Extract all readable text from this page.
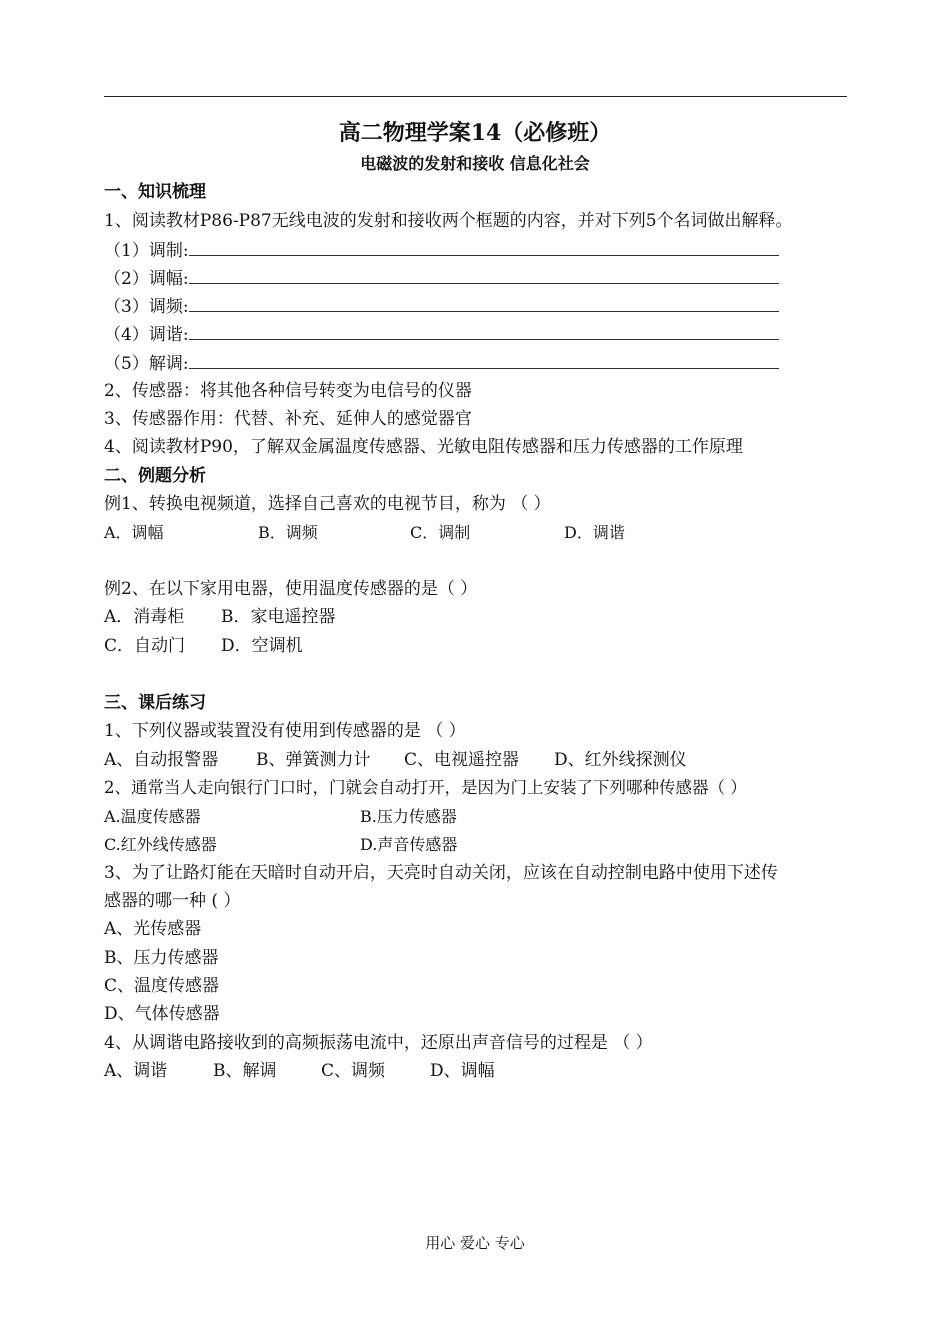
高二物理学案14（必修班）
电磁波的发射和接收 信息化社会
一、知识梳理
1、阅读教材P86-P87无线电波的发射和接收两个框题的内容，并对下列5个名词做出解释。
（1）调制:
（2）调幅:
（3）调频:
（4）调谐:
（5）解调:
2、传感器：将其他各种信号转变为电信号的仪器
3、传感器作用：代替、补充、延伸人的感觉器官
4、阅读教材P90，了解双金属温度传感器、光敏电阻传感器和压力传感器的工作原理
二、例题分析
例1、转换电视频道，选择自己喜欢的电视节目，称为 （ ）
A．调幅	B．调频	C．调制	D．调谐
例2、在以下家用电器，使用温度传感器的是（ ）
A．消毒柜 B．家电遥控器
C．自动门 D．空调机
三、课后练习
1、下列仪器或装置没有使用到传感器的是 （ ）
A、自动报警器 B、弹簧测力计 C、电视遥控器 D、红外线探测仪
2、通常当人走向银行门口时，门就会自动打开，是因为门上安装了下列哪种传感器（ ）
A.温度传感器	B.压力传感器
C.红外线传感器	D.声音传感器
3、为了让路灯能在天暗时自动开启，天亮时自动关闭，应该在自动控制电路中使用下述传
感器的哪一种 ( ）
A、光传感器
B、压力传感器
C、温度传感器
D、气体传感器
4、从调谐电路接收到的高频振荡电流中，还原出声音信号的过程是 （ ）
A、调谐	B、解调	C、调频	D、调幅
用心 爱心 专心
